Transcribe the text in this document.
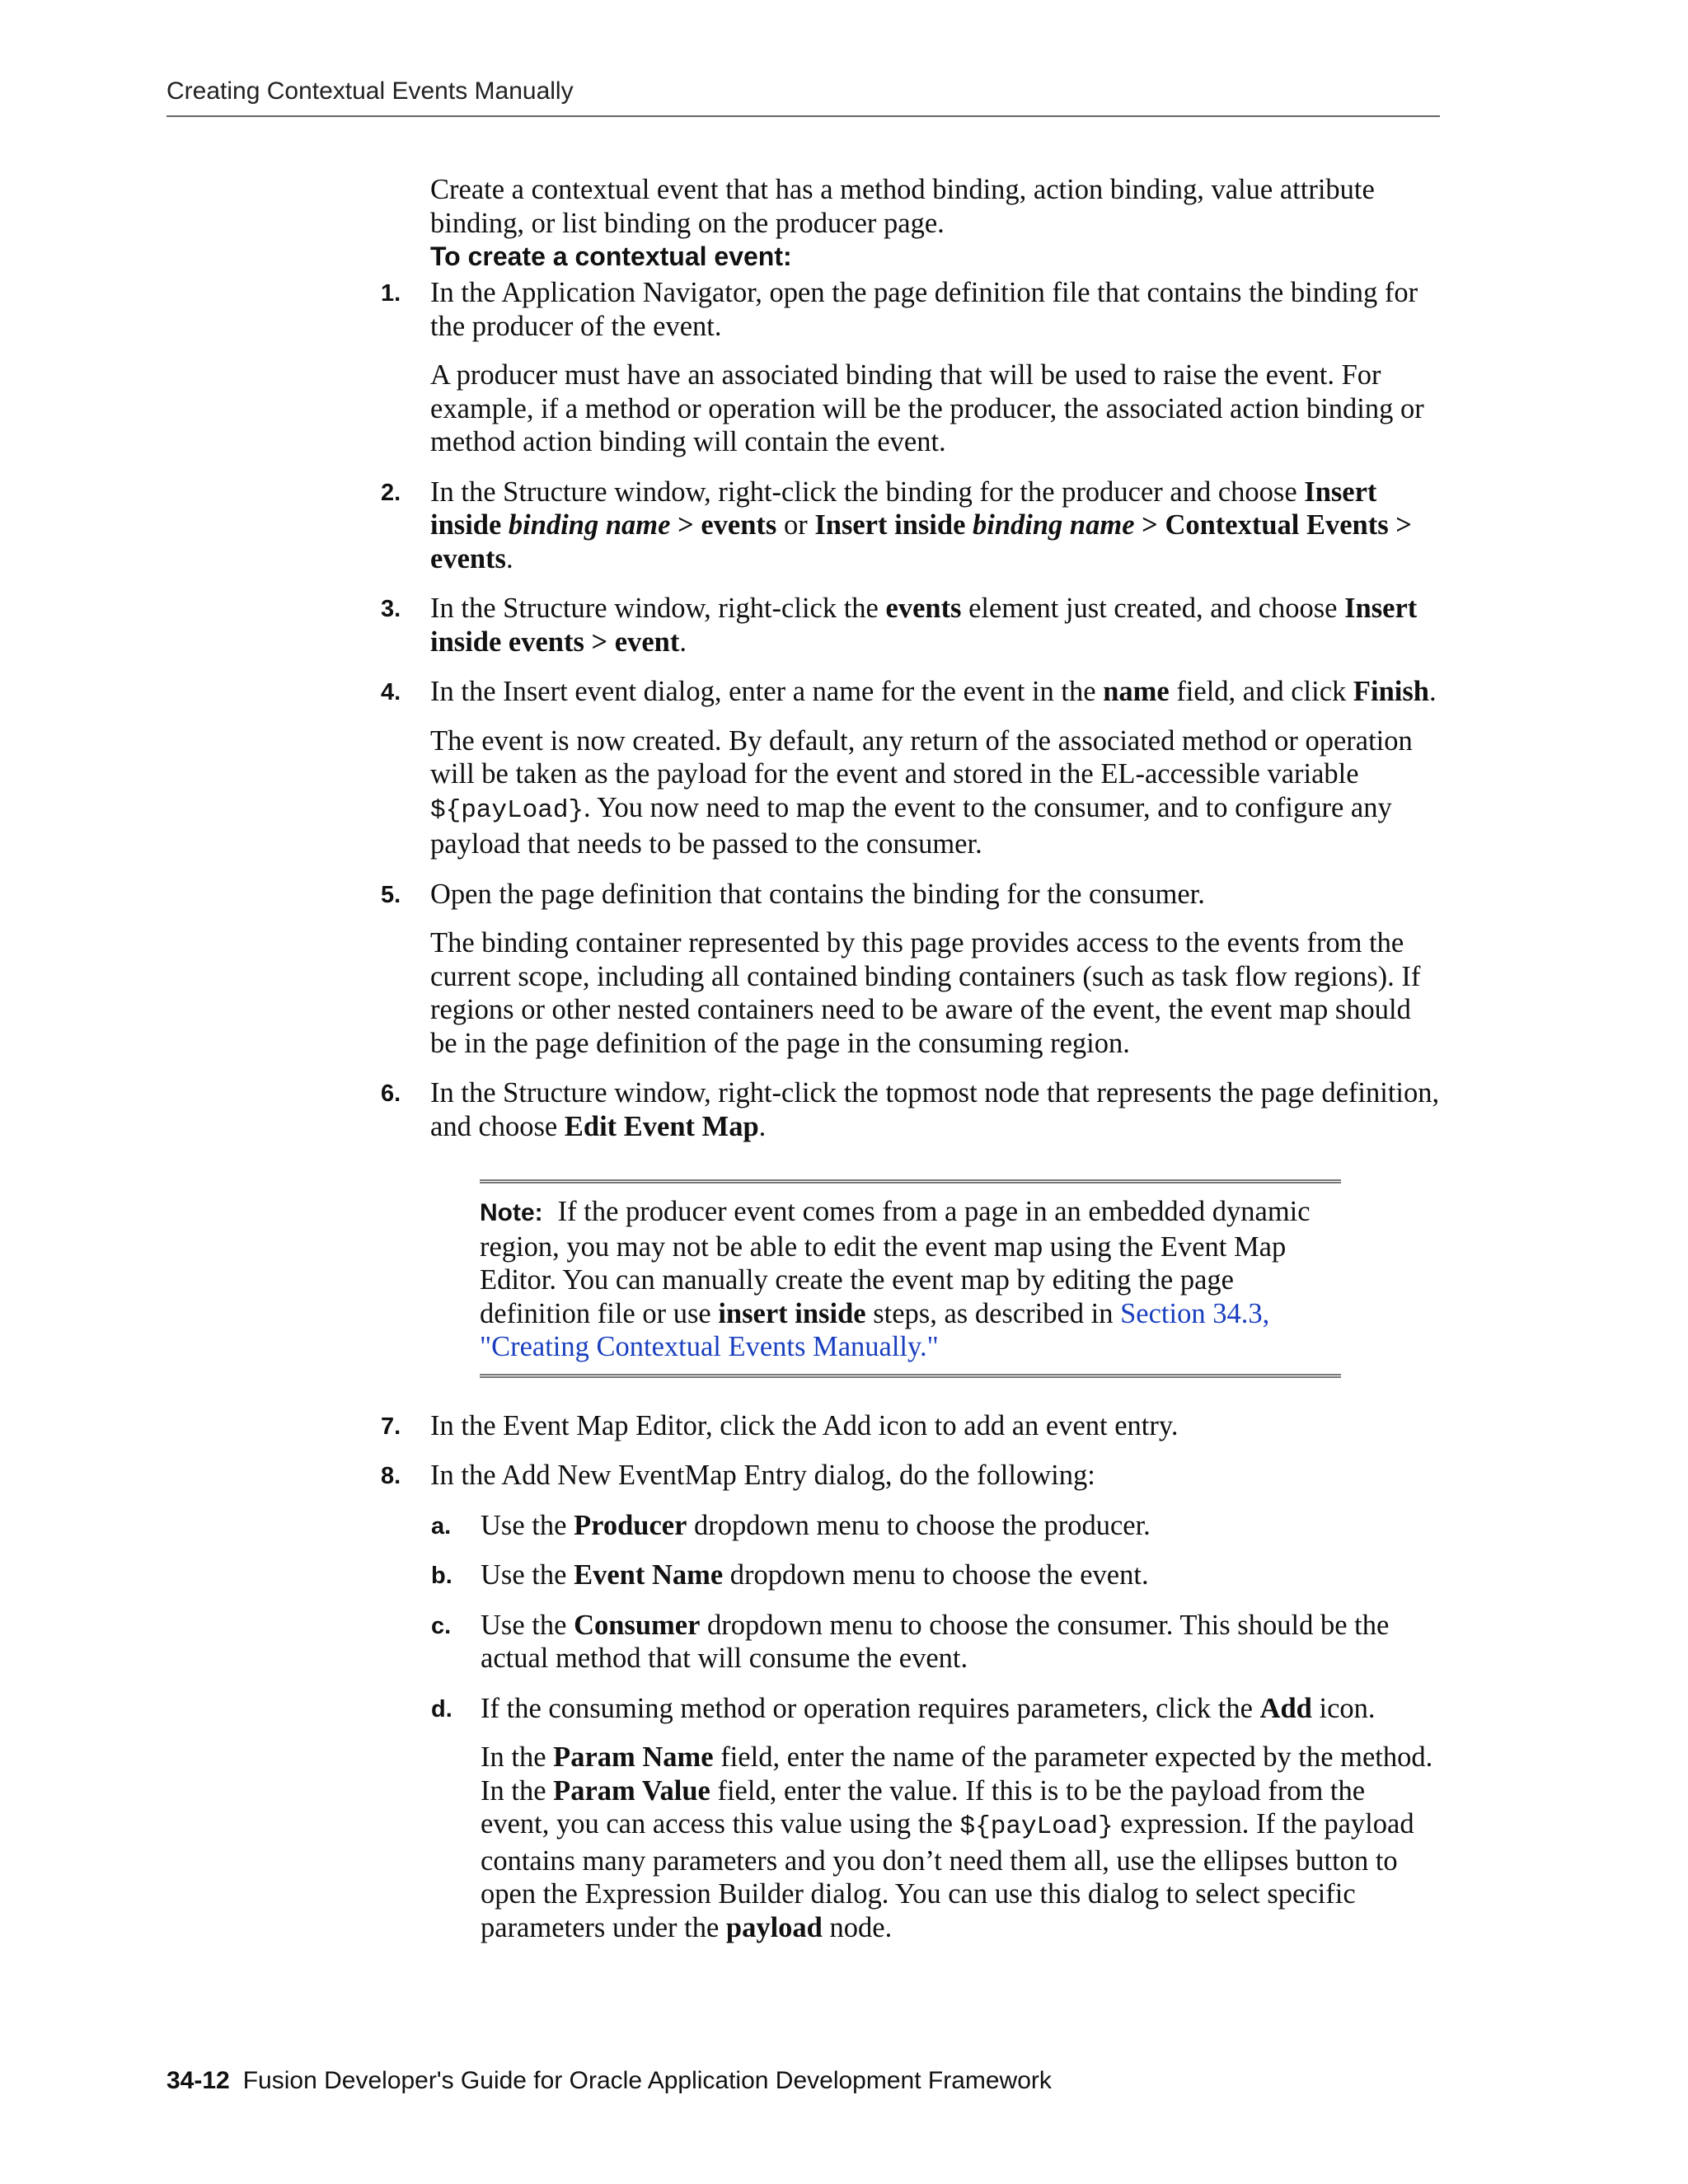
Creating Contextual Events Manually

Create a contextual event that has a method binding, action binding, value attribute binding, or list binding on the producer page.

To create a contextual event:

1. In the Application Navigator, open the page definition file that contains the binding for the producer of the event.

A producer must have an associated binding that will be used to raise the event. For example, if a method or operation will be the producer, the associated action binding or method action binding will contain the event.

2. In the Structure window, right-click the binding for the producer and choose Insert inside binding name > events or Insert inside binding name > Contextual Events > events.

3. In the Structure window, right-click the events element just created, and choose Insert inside events > event.

4. In the Insert event dialog, enter a name for the event in the name field, and click Finish.

The event is now created. By default, any return of the associated method or operation will be taken as the payload for the event and stored in the EL-accessible variable ${payLoad}. You now need to map the event to the consumer, and to configure any payload that needs to be passed to the consumer.

5. Open the page definition that contains the binding for the consumer.

The binding container represented by this page provides access to the events from the current scope, including all contained binding containers (such as task flow regions). If regions or other nested containers need to be aware of the event, the event map should be in the page definition of the page in the consuming region.

6. In the Structure window, right-click the topmost node that represents the page definition, and choose Edit Event Map.

Note: If the producer event comes from a page in an embedded dynamic region, you may not be able to edit the event map using the Event Map Editor. You can manually create the event map by editing the page definition file or use insert inside steps, as described in Section 34.3, "Creating Contextual Events Manually."

7. In the Event Map Editor, click the Add icon to add an event entry.

8. In the Add New EventMap Entry dialog, do the following:

a. Use the Producer dropdown menu to choose the producer.

b. Use the Event Name dropdown menu to choose the event.

c. Use the Consumer dropdown menu to choose the consumer. This should be the actual method that will consume the event.

d. If the consuming method or operation requires parameters, click the Add icon.

In the Param Name field, enter the name of the parameter expected by the method. In the Param Value field, enter the value. If this is to be the payload from the event, you can access this value using the ${payLoad} expression. If the payload contains many parameters and you don’t need them all, use the ellipses button to open the Expression Builder dialog. You can use this dialog to select specific parameters under the payload node.

34-12 Fusion Developer's Guide for Oracle Application Development Framework
